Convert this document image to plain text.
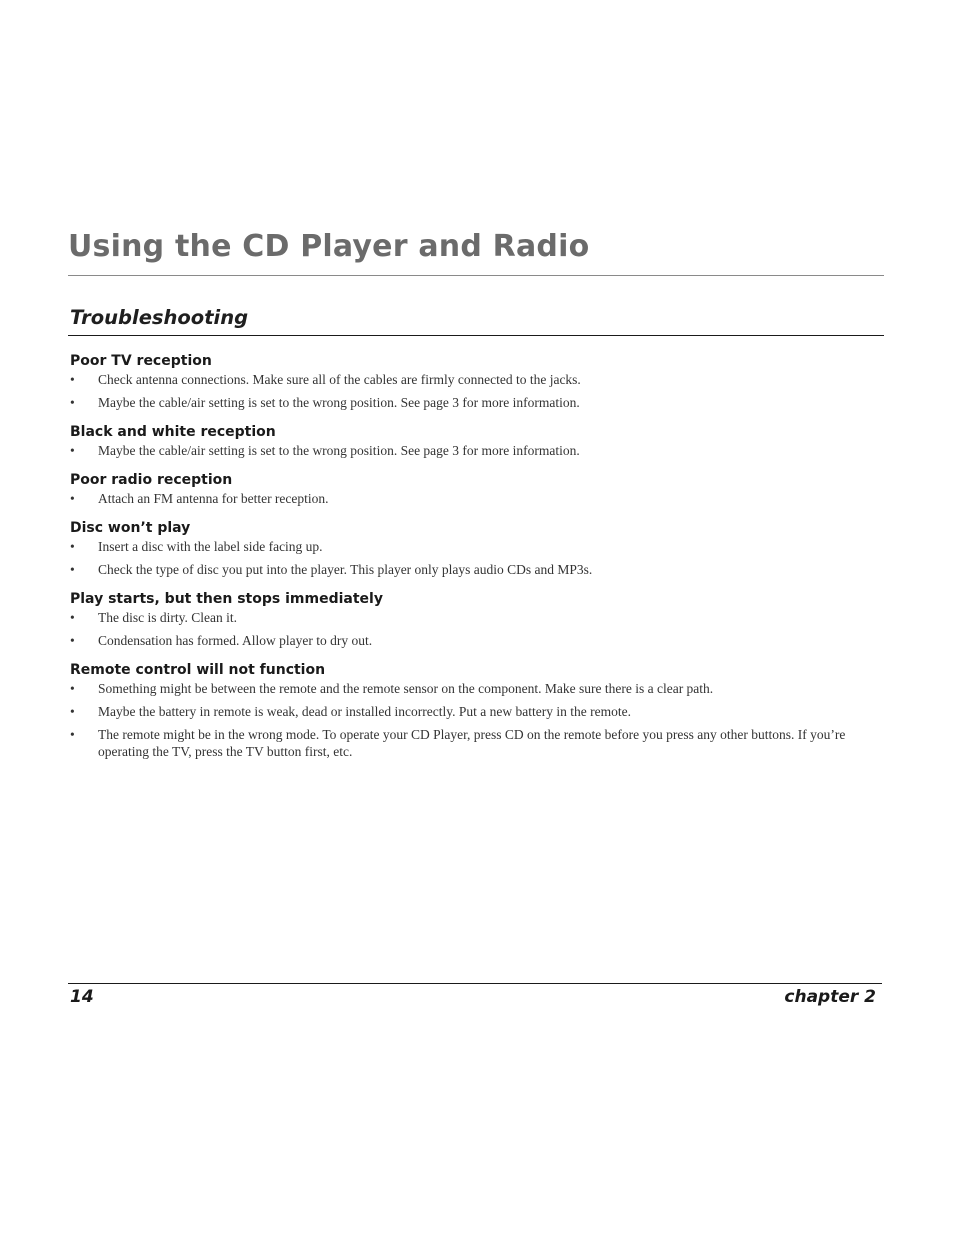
Using the CD Player and Radio
Troubleshooting
Poor TV reception
•	Check antenna connections. Make sure all of the cables are firmly connected to the jacks.
•	Maybe the cable/air setting is set to the wrong position. See page 3 for more information.
Black and white reception
•	Maybe the cable/air setting is set to the wrong position. See page 3 for more information.
Poor radio reception
•	Attach an FM antenna for better reception.
Disc won’t play
•	Insert a disc with the label side facing up.
•	Check the type of disc you put into the player. This player only plays audio CDs and MP3s.
Play starts, but then stops immediately
•	The disc is dirty. Clean it.
•	Condensation has formed. Allow player to dry out.
Remote control will not function
•	Something might be between the remote and the remote sensor on the component. Make sure there is a clear path.
•	Maybe the battery in remote is weak, dead or installed incorrectly. Put a new battery in the remote.
•	The remote might be in the wrong mode. To operate your CD Player, press CD on the remote before you press any other buttons. If you’re operating the TV, press the TV button first, etc.
14	chapter 2
